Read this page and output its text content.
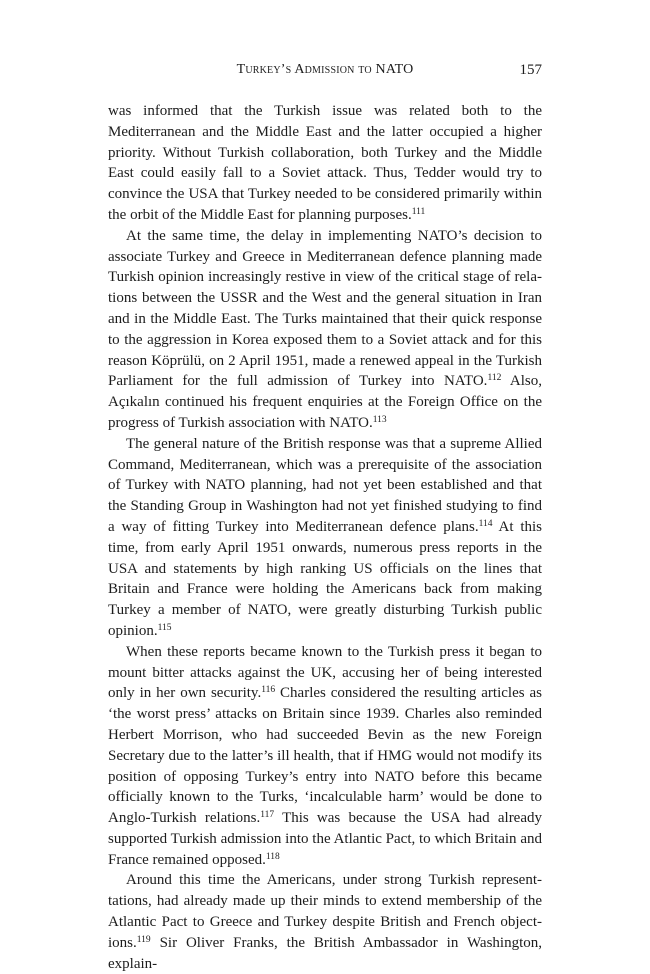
Turkey’s Admission to NATO	157

was informed that the Turkish issue was related both to the Mediterranean and the Middle East and the latter occupied a higher priority. Without Turkish collaboration, both Turkey and the Middle East could easily fall to a Soviet attack. Thus, Tedder would try to convince the USA that Turkey needed to be considered primarily within the orbit of the Middle East for planning purposes.$^{111}$

At the same time, the delay in implementing NATO’s decision to associate Turkey and Greece in Mediterranean defence planning made Turkish opinion increasingly restive in view of the critical stage of relations between the USSR and the West and the general situation in Iran and in the Middle East. The Turks maintained that their quick response to the aggression in Korea exposed them to a Soviet attack and for this reason Köprülü, on 2 April 1951, made a renewed appeal in the Turkish Parliament for the full admission of Turkey into NATO.$^{112}$ Also, Açıkalın continued his frequent enquiries at the Foreign Office on the progress of Turkish association with NATO.$^{113}$

The general nature of the British response was that a supreme Allied Command, Mediterranean, which was a prerequisite of the association of Turkey with NATO planning, had not yet been established and that the Standing Group in Washington had not yet finished studying to find a way of fitting Turkey into Mediterranean defence plans.$^{114}$ At this time, from early April 1951 onwards, numerous press reports in the USA and statements by high ranking US officials on the lines that Britain and France were holding the Americans back from making Turkey a member of NATO, were greatly disturbing Turkish public opinion.$^{115}$

When these reports became known to the Turkish press it began to mount bitter attacks against the UK, accusing her of being interested only in her own security.$^{116}$ Charles considered the resulting articles as ‘the worst press’ attacks on Britain since 1939. Charles also reminded Herbert Morrison, who had succeeded Bevin as the new Foreign Secretary due to the latter’s ill health, that if HMG would not modify its position of opposing Turkey’s entry into NATO before this became officially known to the Turks, ‘incalculable harm’ would be done to Anglo-Turkish relations.$^{117}$ This was because the USA had already supported Turkish admission into the Atlantic Pact, to which Britain and France remained opposed.$^{118}$

Around this time the Americans, under strong Turkish representtations, had already made up their minds to extend membership of the Atlantic Pact to Greece and Turkey despite British and French objections.$^{119}$ Sir Oliver Franks, the British Ambassador in Washington, explain-
